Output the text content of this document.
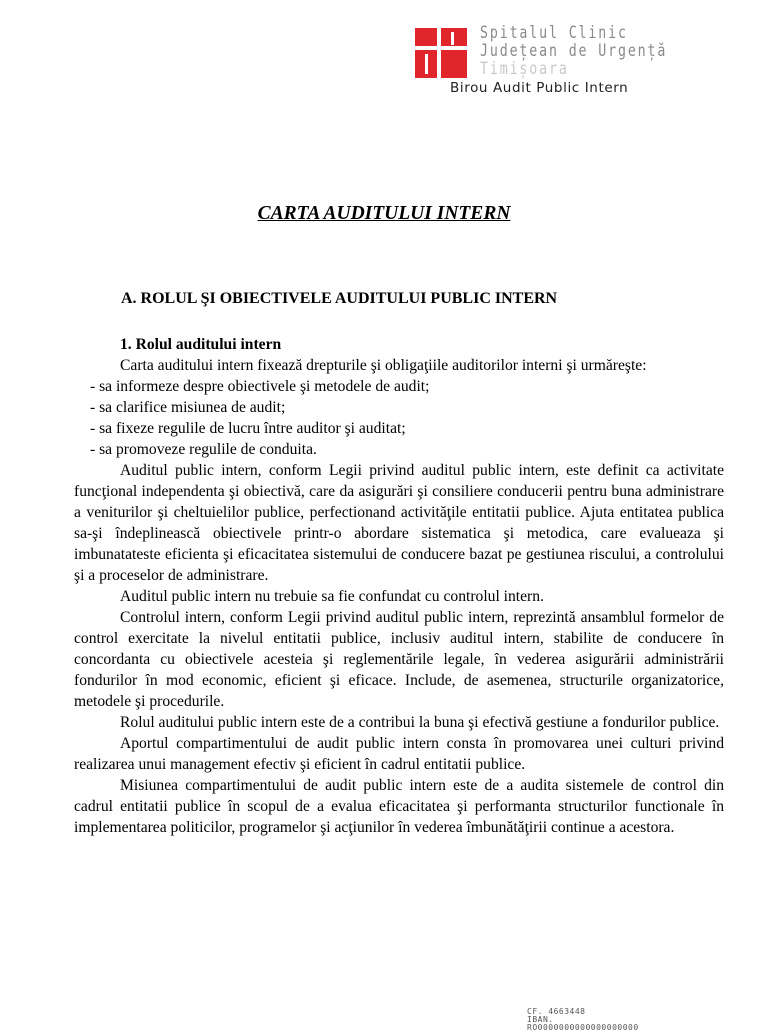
Spitalul Clinic
Județean de Urgență
Timișoara
Birou Audit Public Intern
CARTA AUDITULUI INTERN
A. ROLUL ŞI OBIECTIVELE AUDITULUI PUBLIC INTERN
1. Rolul auditului intern
Carta auditului intern fixează drepturile şi obligaţiile auditorilor interni şi urmăreşte:
- sa informeze despre obiectivele şi metodele de audit;
- sa clarifice misiunea de audit;
- sa fixeze regulile de lucru între auditor şi auditat;
- sa promoveze regulile de conduita.
Auditul public intern, conform Legii privind auditul public intern, este definit ca activitate funcţional independenta şi obiectivă, care da asigurări şi consiliere conducerii pentru buna administrare a veniturilor şi cheltuielilor publice, perfectionand activităţile entitatii publice. Ajuta entitatea publica sa-şi îndeplinească obiectivele printr-o abordare sistematica şi metodica, care evalueaza şi imbunatateste eficienta şi eficacitatea sistemului de conducere bazat pe gestiunea riscului, a controlului şi a proceselor de administrare.
Auditul public intern nu trebuie sa fie confundat cu controlul intern.
Controlul intern, conform Legii privind auditul public intern, reprezintă ansamblul formelor de control exercitate la nivelul entitatii publice, inclusiv auditul intern, stabilite de conducere în concordanta cu obiectivele acesteia şi reglementările legale, în vederea asigurării administrării fondurilor în mod economic, eficient şi eficace. Include, de asemenea, structurile organizatorice, metodele şi procedurile.
Rolul auditului public intern este de a contribui la buna şi efectivă gestiune a fondurilor publice.
Aportul compartimentului de audit public intern consta în promovarea unei culturi privind realizarea unui management efectiv şi eficient în cadrul entitatii publice.
Misiunea compartimentului de audit public intern este de a audita sistemele de control din cadrul entitatii publice în scopul de a evalua eficacitatea şi performanta structurilor functionale în implementarea politicilor, programelor şi acţiunilor în vederea îmbunătăţirii continue a acestora.
CF. 4663448
IBAN. RO0000000000000000000
